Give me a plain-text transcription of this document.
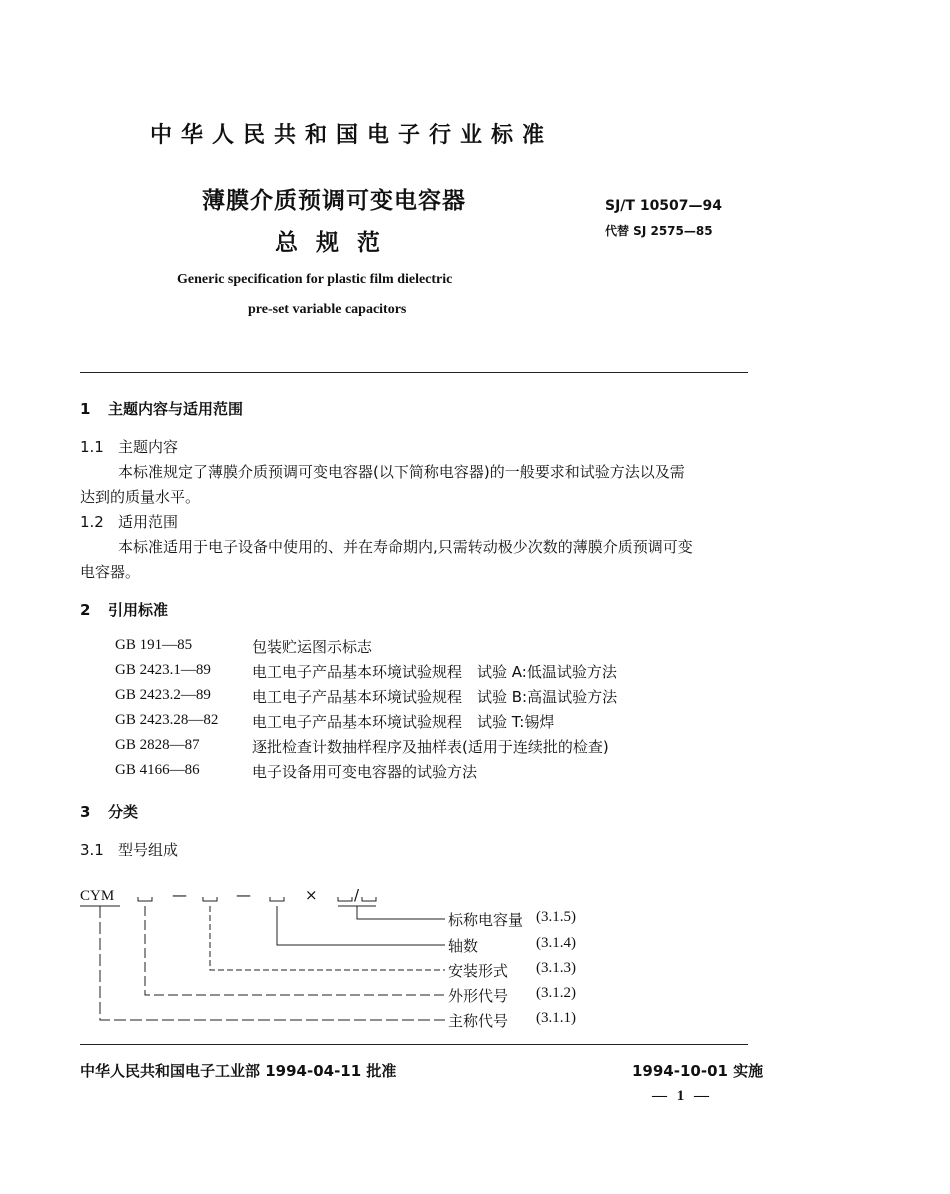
中华人民共和国电子行业标准
薄膜介质预调可变电容器
总规范
SJ/T 10507—94
代替 SJ 2575—85
Generic specification for plastic film dielectric
pre-set variable capacitors
1 主题内容与适用范围
1.1 主题内容
本标准规定了薄膜介质预调可变电容器(以下简称电容器)的一般要求和试验方法以及需
达到的质量水平。
1.2 适用范围
本标准适用于电子设备中使用的、并在寿命期内,只需转动极少次数的薄膜介质预调可变
电容器。
2 引用标准
GB 191—85	包装贮运图示标志
GB 2423.1—89	电工电子产品基本环境试验规程　试验 A:低温试验方法
GB 2423.2—89	电工电子产品基本环境试验规程　试验 B:高温试验方法
GB 2423.28—82 电工电子产品基本环境试验规程　试验 T:锡焊
GB 2828—87	逐批检查计数抽样程序及抽样表(适用于连续批的检查)
GB 4166—86	电子设备用可变电容器的试验方法
3 分类
3.1 型号组成
CYM	—	—	× /
标称电容量 (3.1.5)
轴数	(3.1.4)
安装形式 (3.1.3)
外形代号 (3.1.2)
主称代号 (3.1.1)
中华人民共和国电子工业部 1994-04-11 批准	1994-10-01 实施
— 1 —
